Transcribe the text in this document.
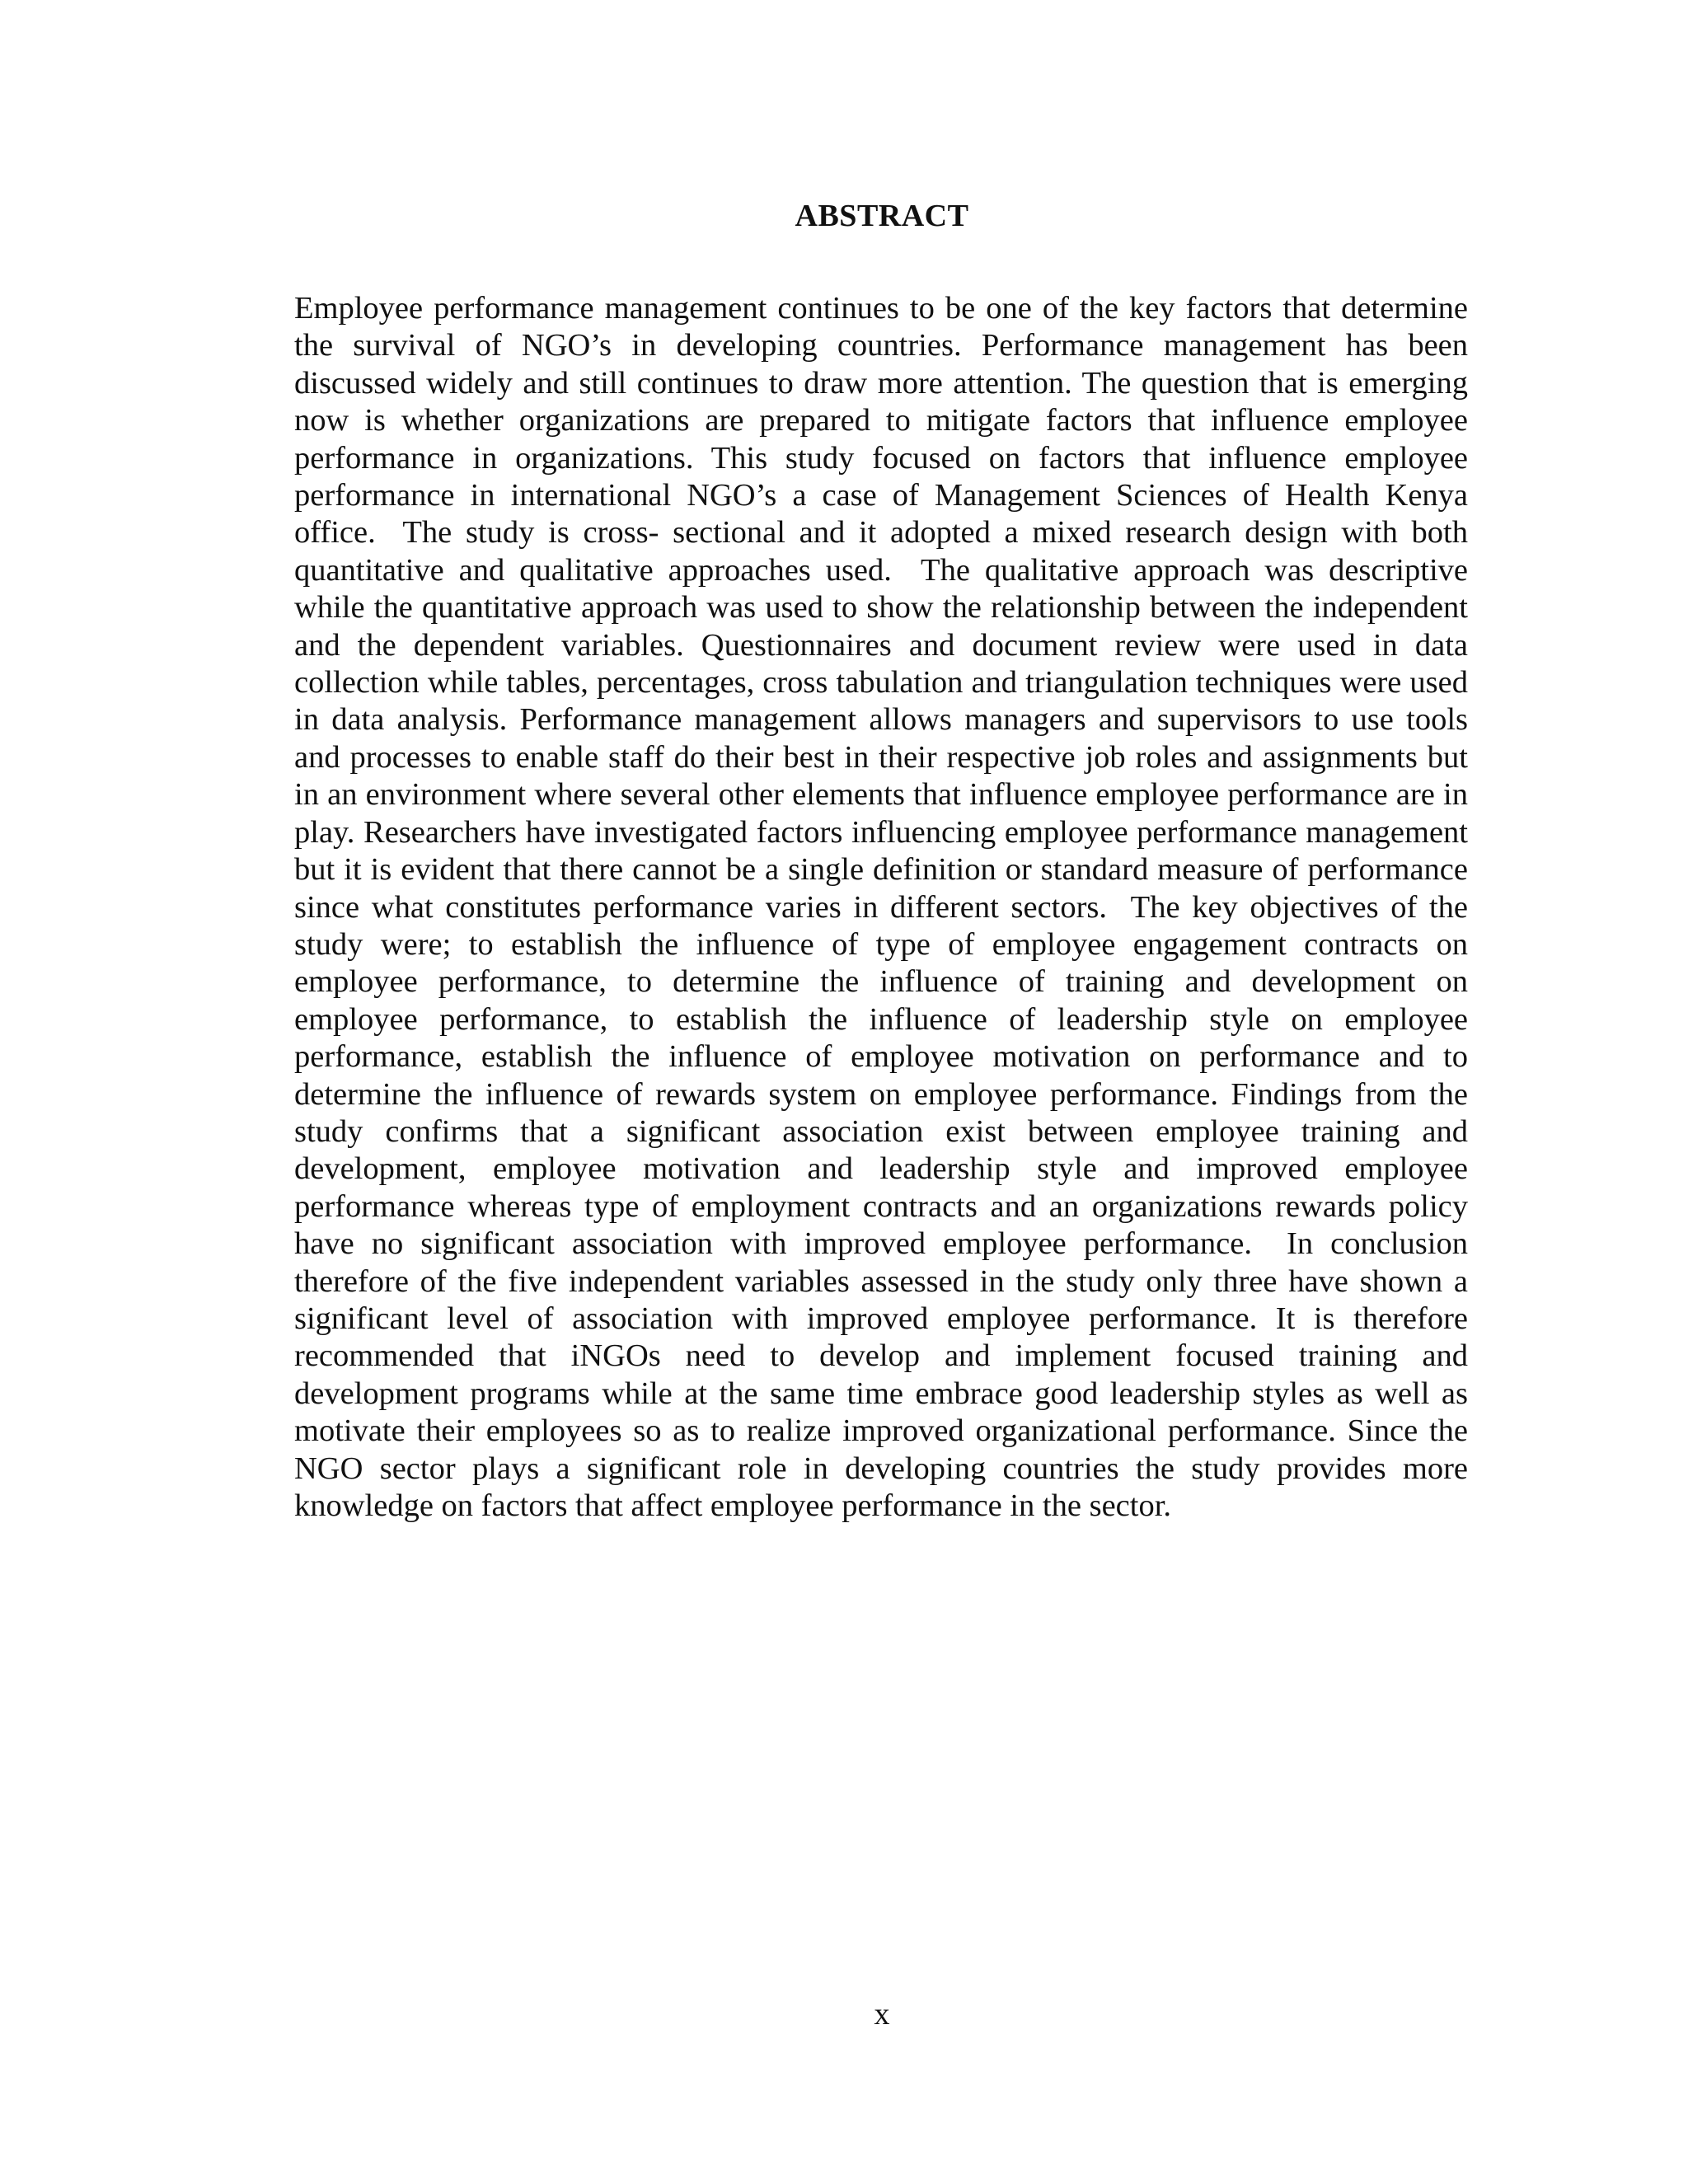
ABSTRACT

Employee performance management continues to be one of the key factors that determine the survival of NGO’s in developing countries. Performance management has been discussed widely and still continues to draw more attention. The question that is emerging now is whether organizations are prepared to mitigate factors that influence employee performance in organizations. This study focused on factors that influence employee performance in international NGO’s a case of Management Sciences of Health Kenya office.  The study is cross- sectional and it adopted a mixed research design with both quantitative and qualitative approaches used.  The qualitative approach was descriptive while the quantitative approach was used to show the relationship between the independent and the dependent variables. Questionnaires and document review were used in data collection while tables, percentages, cross tabulation and triangulation techniques were used in data analysis. Performance management allows managers and supervisors to use tools and processes to enable staff do their best in their respective job roles and assignments but in an environment where several other elements that influence employee performance are in play. Researchers have investigated factors influencing employee performance management but it is evident that there cannot be a single definition or standard measure of performance since what constitutes performance varies in different sectors.  The key objectives of the study were; to establish the influence of type of employee engagement contracts on employee performance, to determine the influence of training and development on employee performance, to establish the influence of leadership style on employee performance, establish the influence of employee motivation on performance and to determine the influence of rewards system on employee performance. Findings from the study confirms that a significant association exist between employee training and development, employee motivation and leadership style and improved employee performance whereas type of employment contracts and an organizations rewards policy have no significant association with improved employee performance.  In conclusion therefore of the five independent variables assessed in the study only three have shown a significant level of association with improved employee performance. It is therefore recommended that iNGOs need to develop and implement focused training and development programs while at the same time embrace good leadership styles as well as motivate their employees so as to realize improved organizational performance. Since the NGO sector plays a significant role in developing countries the study provides more knowledge on factors that affect employee performance in the sector.

x
